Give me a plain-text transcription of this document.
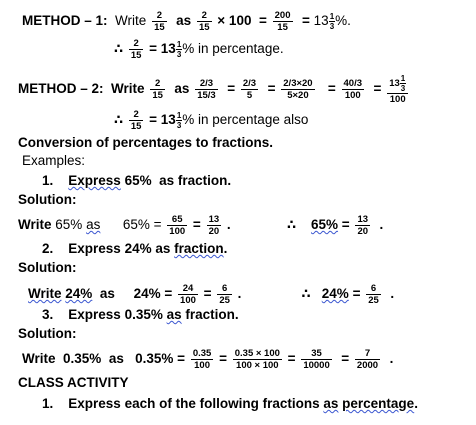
METHOD – 1: Write $\frac{2}{15}$ as $\frac{2}{15} \times 100 = \frac{200}{15} = 13 \frac{1}{3}$ %.
∴ $\frac{2}{15} = 13 \frac{1}{3}$ % in percentage.
METHOD – 2: Write $\frac{2}{15}$ as $\frac{2/3}{15/3} = \frac{2/3}{5} = \frac{2/3\times 20}{5\times 20} = \frac{40/3}{100} = \frac{13 \frac{1}{3}}{100}$
∴ $\frac{2}{15} = 13 \frac{1}{3}$ % in percentage also
Conversion of percentages to fractions.
Examples:
1. Express 65% as fraction.
Solution:
Write 65% as $65\% = \frac{65}{100} = \frac{13}{20}$ .	∴ $65\% = \frac{13}{20}$ .
2. Express 24% as fraction.
Solution:
Write 24% as $24\% = \frac{24}{100} = \frac{6}{25}$ .	∴ $24\% = \frac{6}{25}$ .
3. Express 0.35% as fraction.
Solution:
Write 0.35% as $0.35\% = \frac{0.35}{100} = \frac{0.35 \times 100}{100 \times 100} = \frac{35}{10000} = \frac{7}{2000}$ .
CLASS ACTIVITY
1. Express each of the following fractions as percentage.
